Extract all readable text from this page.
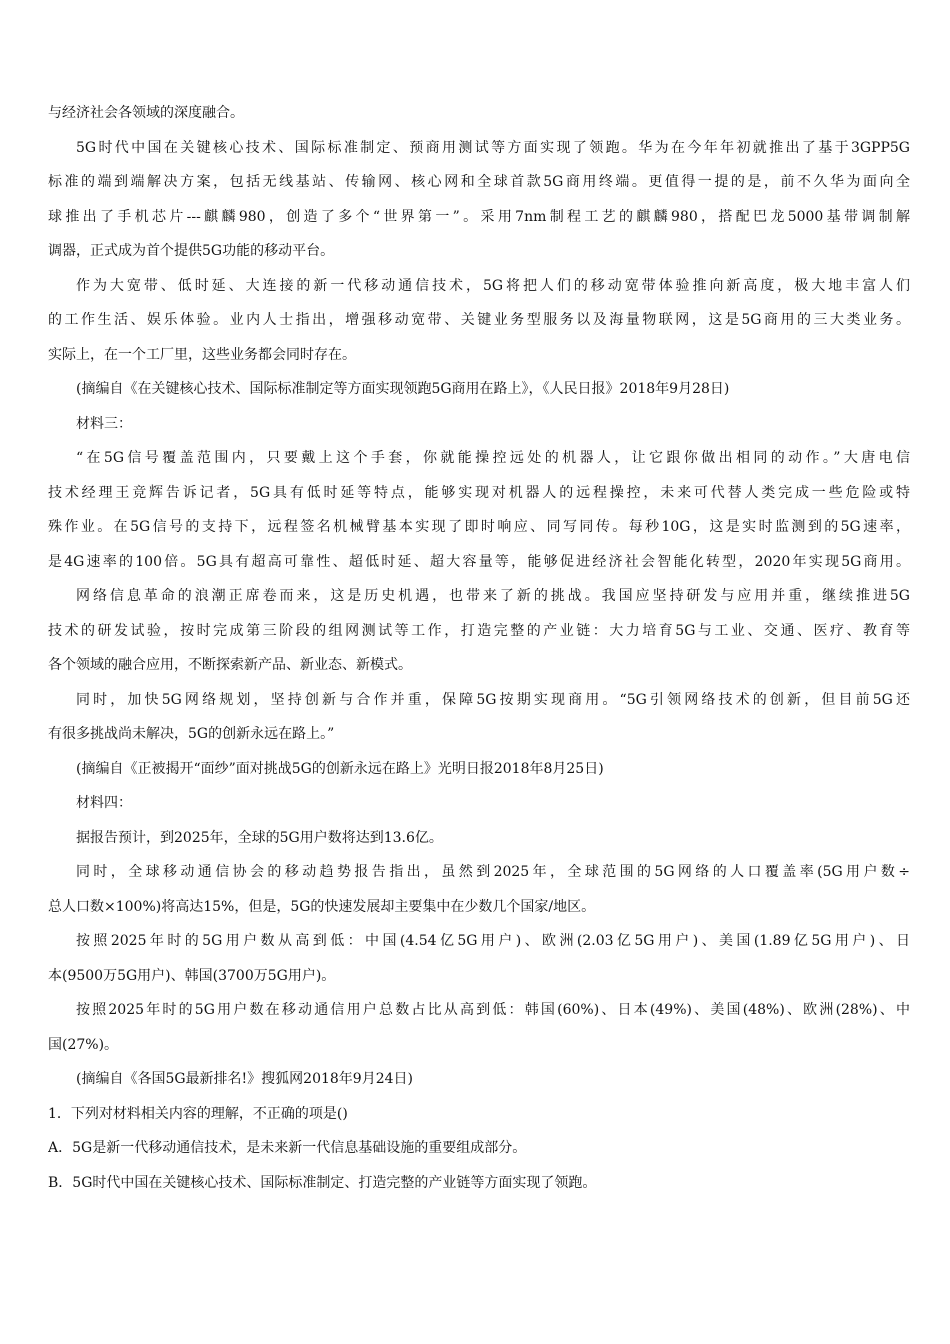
与经济社会各领域的深度融合。
5G时代中国在关键核心技术、国际标准制定、预商用测试等方面实现了领跑。华为在今年年初就推出了基于3GPP5G
标准的端到端解决方案，包括无线基站、传输网、核心网和全球首款5G商用终端。更值得一提的是，前不久华为面向全
球推出了手机芯片---麒麟980，创造了多个“世界第一”。采用7nm制程工艺的麒麟980，搭配巴龙5000基带调制解
调器，正式成为首个提供5G功能的移动平台。
作为大宽带、低时延、大连接的新一代移动通信技术，5G将把人们的移动宽带体验推向新高度，极大地丰富人们
的工作生活、娱乐体验。业内人士指出，增强移动宽带、关键业务型服务以及海量物联网，这是5G商用的三大类业务。
实际上，在一个工厂里，这些业务都会同时存在。
(摘编自《在关键核心技术、国际标准制定等方面实现领跑5G商用在路上》，《人民日报》2018年9月28日)
材料三：
“在5G信号覆盖范围内，只要戴上这个手套，你就能操控远处的机器人，让它跟你做出相同的动作。”大唐电信
技术经理王竞辉告诉记者，5G具有低时延等特点，能够实现对机器人的远程操控，未来可代替人类完成一些危险或特
殊作业。在5G信号的支持下，远程签名机械臂基本实现了即时响应、同写同传。每秒10G，这是实时监测到的5G速率，
是4G速率的100倍。5G具有超高可靠性、超低时延、超大容量等，能够促进经济社会智能化转型，2020年实现5G商用。
网络信息革命的浪潮正席卷而来，这是历史机遇，也带来了新的挑战。我国应坚持研发与应用并重，继续推进5G
技术的研发试验，按时完成第三阶段的组网测试等工作，打造完整的产业链：大力培育5G与工业、交通、医疗、教育等
各个领域的融合应用，不断探索新产品、新业态、新模式。
同时，加快5G网络规划，坚持创新与合作并重，保障5G按期实现商用。“5G引领网络技术的创新，但目前5G还
有很多挑战尚未解决，5G的创新永远在路上。”
(摘编自《正被揭开“面纱”面对挑战5G的创新永远在路上》光明日报2018年8月25日)
材料四：
据报告预计，到2025年，全球的5G用户数将达到13.6亿。
同时，全球移动通信协会的移动趋势报告指出，虽然到2025年，全球范围的5G网络的人口覆盖率(5G用户数÷
总人口数×100%)将高达15%，但是，5G的快速发展却主要集中在少数几个国家/地区。
按照2025年时的5G用户数从高到低：中国(4.54亿5G用户)、欧洲(2.03亿5G用户)、美国(1.89亿5G用户)、日
本(9500万5G用户)、韩国(3700万5G用户)。
按照2025年时的5G用户数在移动通信用户总数占比从高到低：韩国(60%)、日本(49%)、美国(48%)、欧洲(28%)、中
国(27%)。
(摘编自《各国5G最新排名!》搜狐网2018年9月24日)
1．下列对材料相关内容的理解，不正确的项是()
A．5G是新一代移动通信技术，是未来新一代信息基础设施的重要组成部分。
B．5G时代中国在关键核心技术、国际标准制定、打造完整的产业链等方面实现了领跑。
